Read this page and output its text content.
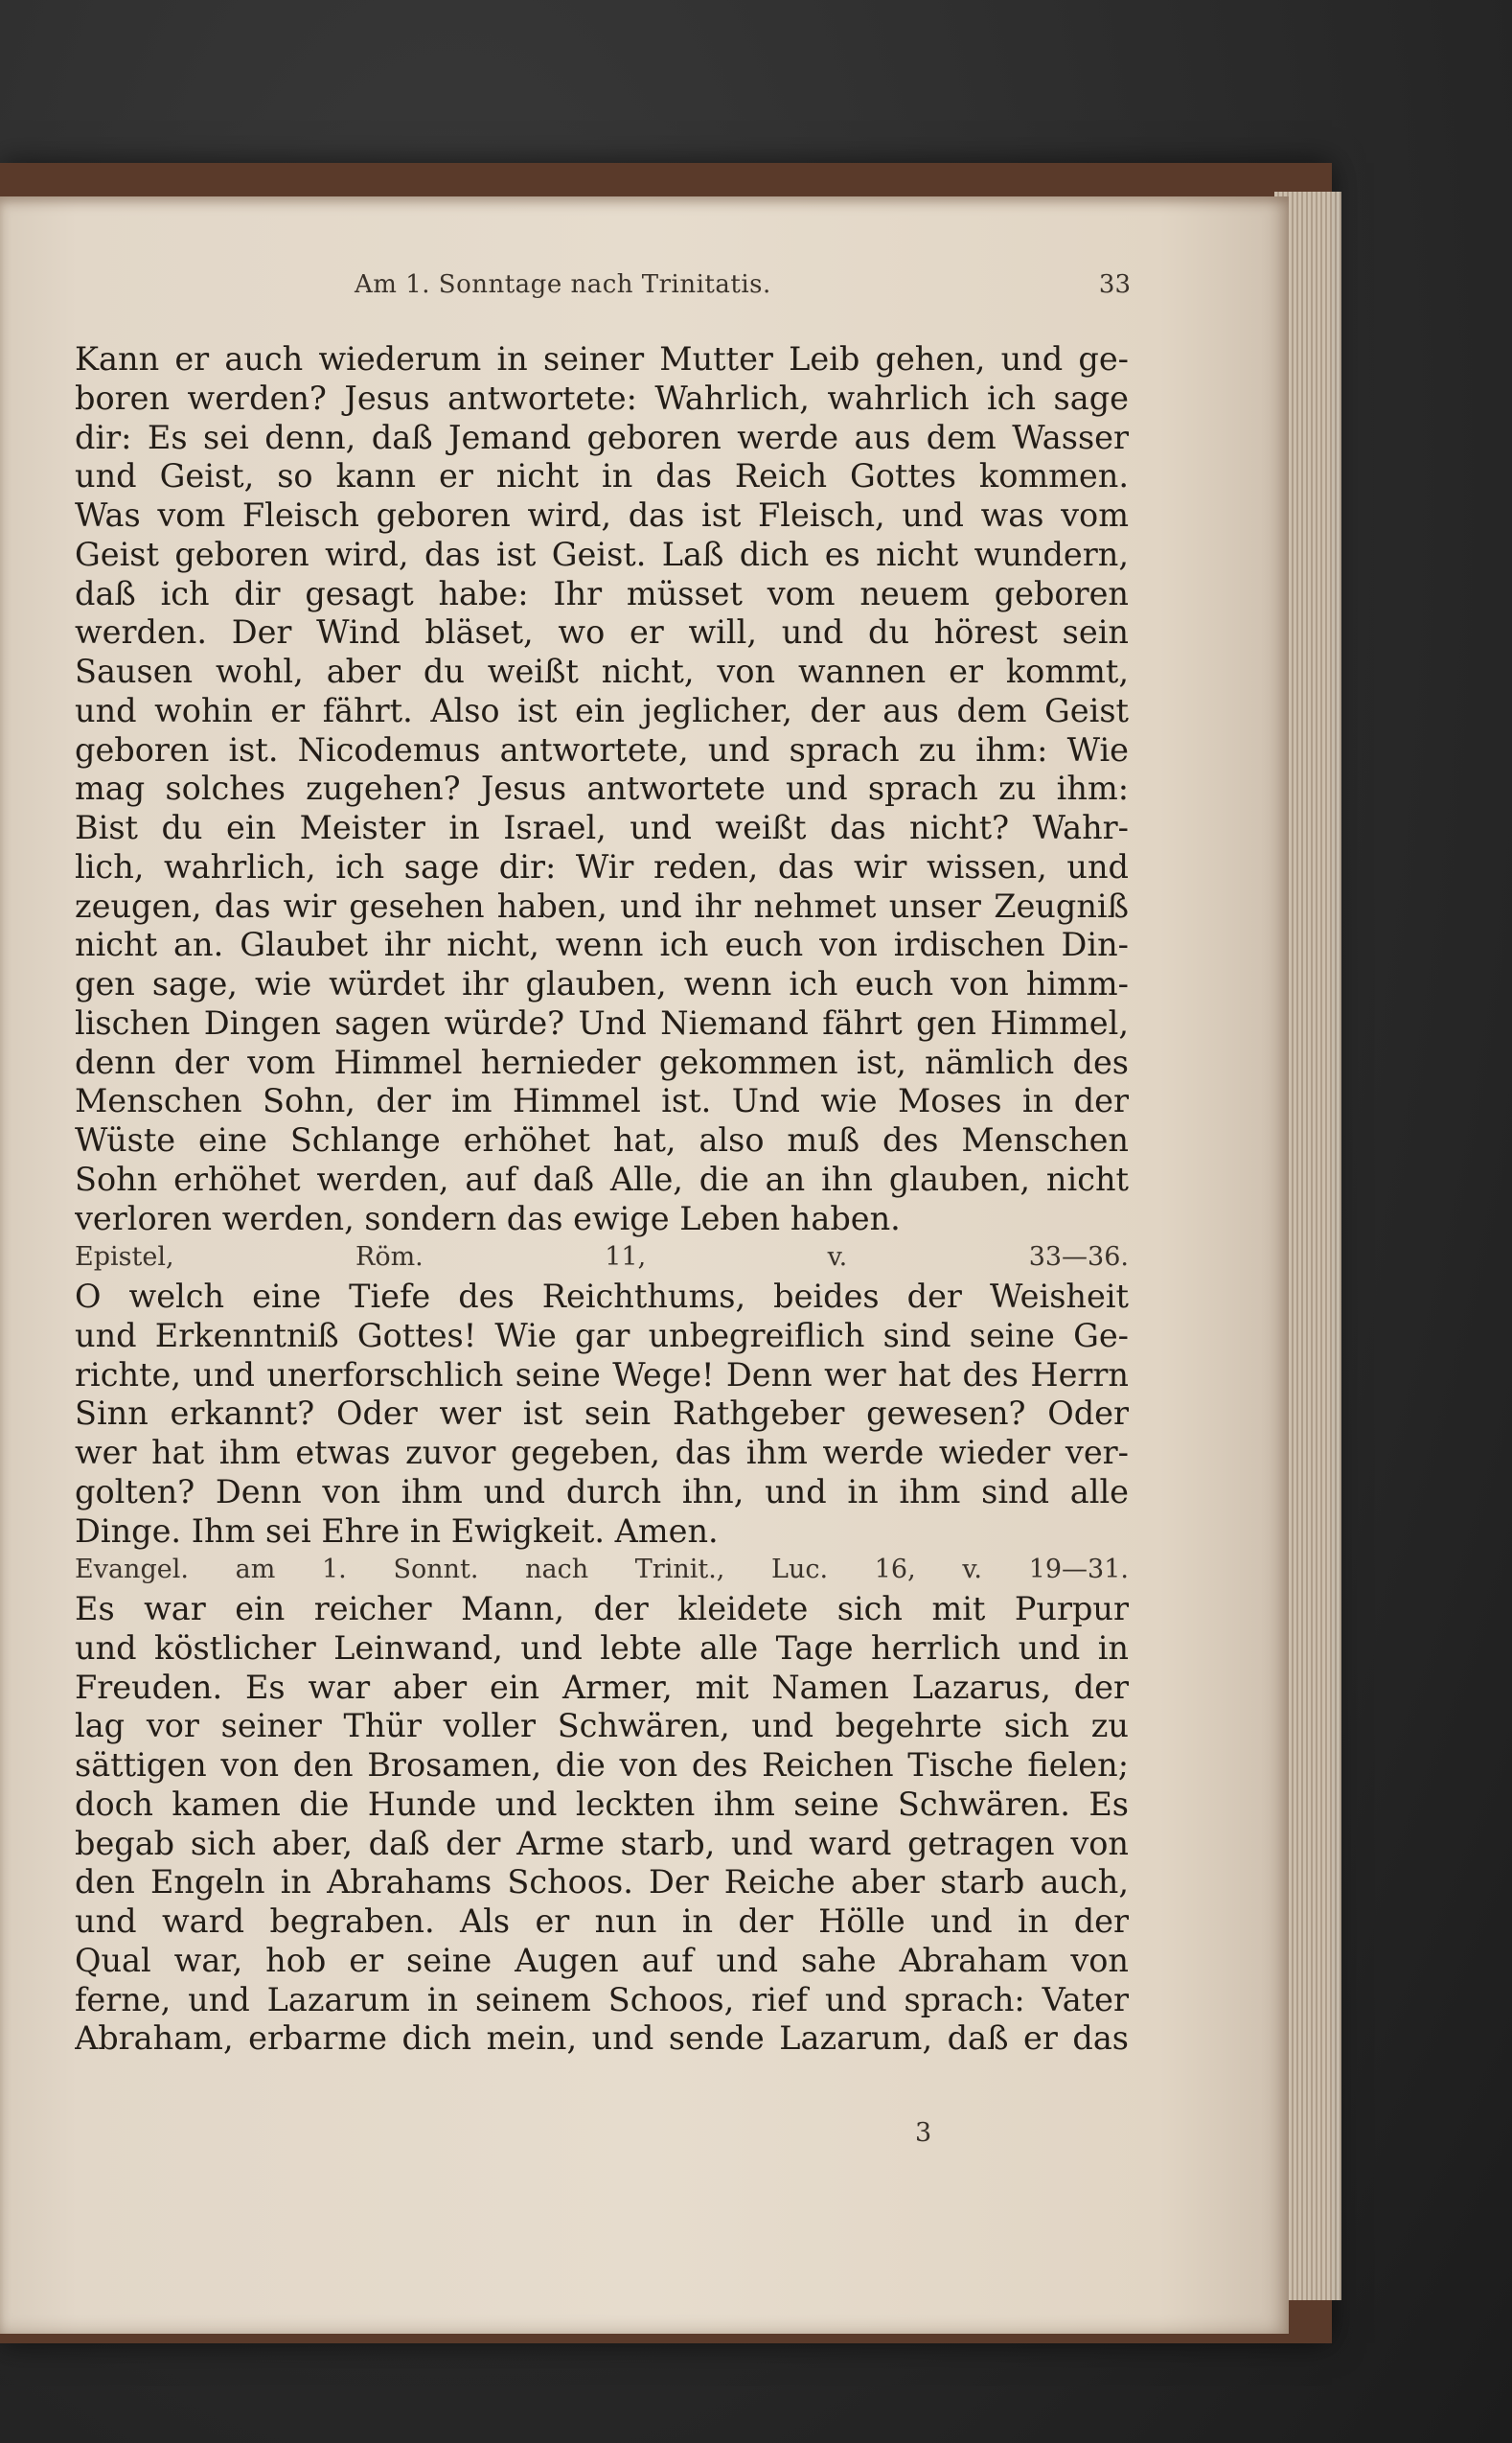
Am 1. Sonntage nach Trinitatis.	33
Kann er auch wiederum in seiner Mutter Leib gehen, und ge-
boren werden? Jesus antwortete: Wahrlich, wahrlich ich sage
dir: Es sei denn, daß Jemand geboren werde aus dem Wasser
und Geist, so kann er nicht in das Reich Gottes kommen.
Was vom Fleisch geboren wird, das ist Fleisch, und was vom
Geist geboren wird, das ist Geist. Laß dich es nicht wundern,
daß ich dir gesagt habe: Ihr müsset vom neuem geboren
werden. Der Wind bläset, wo er will, und du hörest sein
Sausen wohl, aber du weißt nicht, von wannen er kommt,
und wohin er fährt. Also ist ein jeglicher, der aus dem Geist
geboren ist. Nicodemus antwortete, und sprach zu ihm: Wie
mag solches zugehen? Jesus antwortete und sprach zu ihm:
Bist du ein Meister in Israel, und weißt das nicht? Wahr-
lich, wahrlich, ich sage dir: Wir reden, das wir wissen, und
zeugen, das wir gesehen haben, und ihr nehmet unser Zeugniß
nicht an. Glaubet ihr nicht, wenn ich euch von irdischen Din-
gen sage, wie würdet ihr glauben, wenn ich euch von himm-
lischen Dingen sagen würde? Und Niemand fährt gen Himmel,
denn der vom Himmel hernieder gekommen ist, nämlich des
Menschen Sohn, der im Himmel ist. Und wie Moses in der
Wüste eine Schlange erhöhet hat, also muß des Menschen
Sohn erhöhet werden, auf daß Alle, die an ihn glauben, nicht
verloren werden, sondern das ewige Leben haben.
Epistel, Röm. 11, v. 33—36.
O welch eine Tiefe des Reichthums, beides der Weisheit
und Erkenntniß Gottes! Wie gar unbegreiflich sind seine Ge-
richte, und unerforschlich seine Wege! Denn wer hat des Herrn
Sinn erkannt? Oder wer ist sein Rathgeber gewesen? Oder
wer hat ihm etwas zuvor gegeben, das ihm werde wieder ver-
golten? Denn von ihm und durch ihn, und in ihm sind alle
Dinge. Ihm sei Ehre in Ewigkeit. Amen.
Evangel. am 1. Sonnt. nach Trinit., Luc. 16, v. 19—31.
Es war ein reicher Mann, der kleidete sich mit Purpur
und köstlicher Leinwand, und lebte alle Tage herrlich und in
Freuden. Es war aber ein Armer, mit Namen Lazarus, der
lag vor seiner Thür voller Schwären, und begehrte sich zu
sättigen von den Brosamen, die von des Reichen Tische fielen;
doch kamen die Hunde und leckten ihm seine Schwären. Es
begab sich aber, daß der Arme starb, und ward getragen von
den Engeln in Abrahams Schoos. Der Reiche aber starb auch,
und ward begraben. Als er nun in der Hölle und in der
Qual war, hob er seine Augen auf und sahe Abraham von
ferne, und Lazarum in seinem Schoos, rief und sprach: Vater
Abraham, erbarme dich mein, und sende Lazarum, daß er das
3
